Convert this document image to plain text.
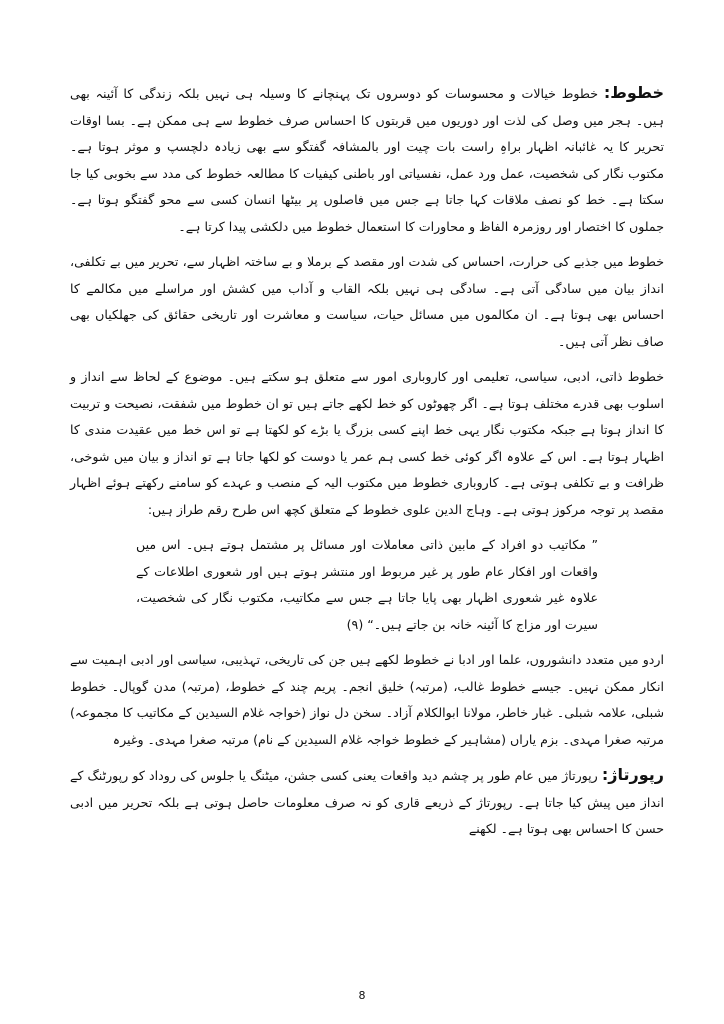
خطوط: خطوط خیالات و محسوسات کو دوسروں تک پہنچانے کا وسیلہ ہی نہیں بلکہ زندگی کا آئینہ بھی ہیں۔ ہجر میں وصل کی لذت اور دوریوں میں قربتوں کا احساس صرف خطوط سے ہی ممکن ہے۔ بسا اوقات تحریر کا یہ غائبانہ اظہار براہِ راست بات چیت اور بالمشافہ گفتگو سے بھی زیادہ دلچسپ و موثر ہوتا ہے۔ مکتوب نگار کی شخصیت، عمل ورد عمل، نفسیاتی اور باطنی کیفیات کا مطالعہ خطوط کی مدد سے بخوبی کیا جا سکتا ہے۔ خط کو نصف ملاقات کہا جاتا ہے جس میں فاصلوں پر بیٹھا انسان کسی سے محو گفتگو ہوتا ہے۔ جملوں کا اختصار اور روزمرہ الفاظ و محاورات کا استعمال خطوط میں دلکشی پیدا کرتا ہے۔

خطوط میں جذبے کی حرارت، احساس کی شدت اور مقصد کے برملا و بے ساختہ اظہار سے، تحریر میں بے تکلفی، انداز بیان میں سادگی آتی ہے۔ سادگی ہی نہیں بلکہ القاب و آداب میں کشش اور مراسلے میں مکالمے کا احساس بھی ہوتا ہے۔ ان مکالموں میں مسائل حیات، سیاست و معاشرت اور تاریخی حقائق کی جھلکیاں بھی صاف نظر آتی ہیں۔

خطوط ذاتی، ادبی، سیاسی، تعلیمی اور کاروباری امور سے متعلق ہو سکتے ہیں۔ موضوع کے لحاظ سے انداز و اسلوب بھی قدرے مختلف ہوتا ہے۔ اگر چھوٹوں کو خط لکھے جاتے ہیں تو ان خطوط میں شفقت، نصیحت و تربیت کا انداز ہوتا ہے جبکہ مکتوب نگار یہی خط اپنے کسی بزرگ یا بڑے کو لکھتا ہے تو اس خط میں عقیدت مندی کا اظہار ہوتا ہے۔ اس کے علاوہ اگر کوئی خط کسی ہم عمر یا دوست کو لکھا جاتا ہے تو انداز و بیان میں شوخی، ظرافت و بے تکلفی ہوتی ہے۔ کاروباری خطوط میں مکتوب الیہ کے منصب و عہدے کو سامنے رکھتے ہوئے اظہار مقصد پر توجہ مرکوز ہوتی ہے۔ وہاج الدین علوی خطوط کے متعلق کچھ اس طرح رقم طراز ہیں:

” مکاتیب دو افراد کے مابین ذاتی معاملات اور مسائل پر مشتمل ہوتے ہیں۔ اس میں واقعات اور افکار عام طور پر غیر مربوط اور منتشر ہوتے ہیں اور شعوری اطلاعات کے علاوہ غیر شعوری اظہار بھی پایا جاتا ہے جس سے مکاتیب، مکتوب نگار کی شخصیت، سیرت اور مزاج کا آئینہ خانہ بن جاتے ہیں۔“ (۹)

اردو میں متعدد دانشوروں، علما اور ادبا نے خطوط لکھے ہیں جن کی تاریخی، تہذیبی، سیاسی اور ادبی اہمیت سے انکار ممکن نہیں۔ جیسے خطوط غالب، (مرتبہ) خلیق انجم۔ پریم چند کے خطوط، (مرتبہ) مدن گوپال۔ خطوط شبلی، علامہ شبلی۔ غبار خاطر، مولانا ابوالکلام آزاد۔ سخن دل نواز (خواجہ غلام السیدین کے مکاتیب کا مجموعہ) مرتبہ صغرا مہدی۔ بزم یاراں (مشاہیر کے خطوط خواجہ غلام السیدین کے نام) مرتبہ صغرا مہدی۔ وغیرہ

رپورتاژ: رپورتاژ میں عام طور پر چشم دید واقعات یعنی کسی جشن، میٹنگ یا جلوس کی روداد کو رپورٹنگ کے انداز میں پیش کیا جاتا ہے۔ رپورتاژ کے ذریعے قاری کو نہ صرف معلومات حاصل ہوتی ہے بلکہ تحریر میں ادبی حسن کا احساس بھی ہوتا ہے۔ لکھنے

8
